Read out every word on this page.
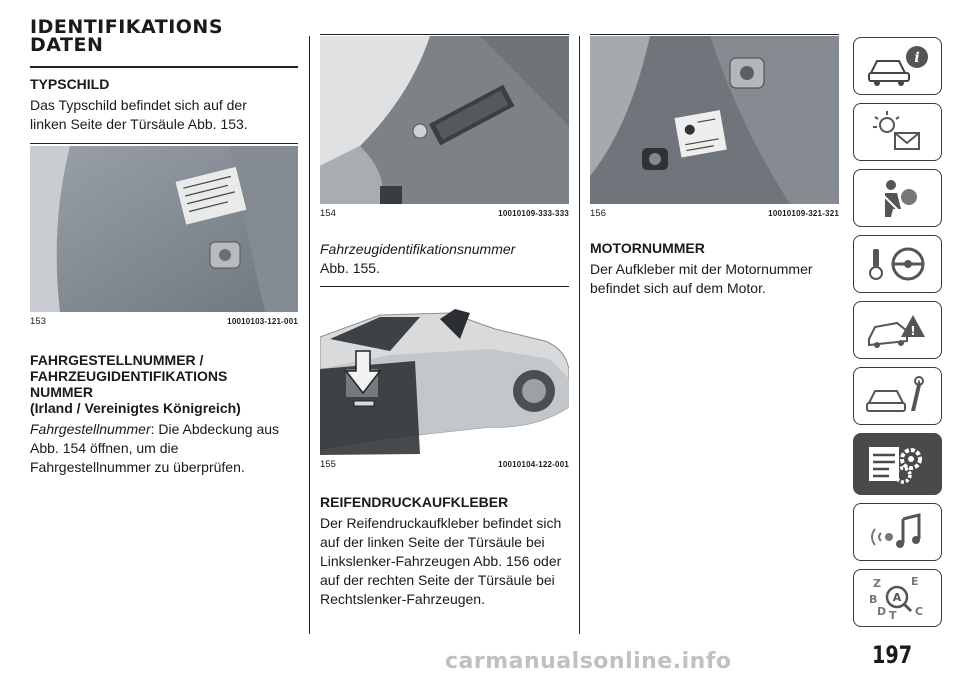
IDENTIFIKATIONS DATEN

TYPSCHILD

Das Typschild befindet sich auf der linken Seite der Türsäule Abb. 153.

153	10010103-121-001

FAHRGESTELLNUMMER /
FAHRZEUGIDENTIFIKATIONS
NUMMER
(Irland / Vereinigtes Königreich)

Fahrgestellnummer: Die Abdeckung aus Abb. 154 öffnen, um die Fahrgestellnummer zu überprüfen.

154	10010109-333-333

Fahrzeugidentifikationsnummer

Abb. 155.

155	10010104-122-001

REIFENDRUCKAUFKLEBER

Der Reifendruckaufkleber befindet sich auf der linken Seite der Türsäule bei Linkslenker-Fahrzeugen Abb. 156 oder auf der rechten Seite der Türsäule bei Rechtslenker-Fahrzeugen.

156	10010109-321-321

MOTORNUMMER

Der Aufkleber mit der Motornummer befindet sich auf dem Motor.

i
!
Z	E
B
C
D T
A
197
carmanualsonline.info
